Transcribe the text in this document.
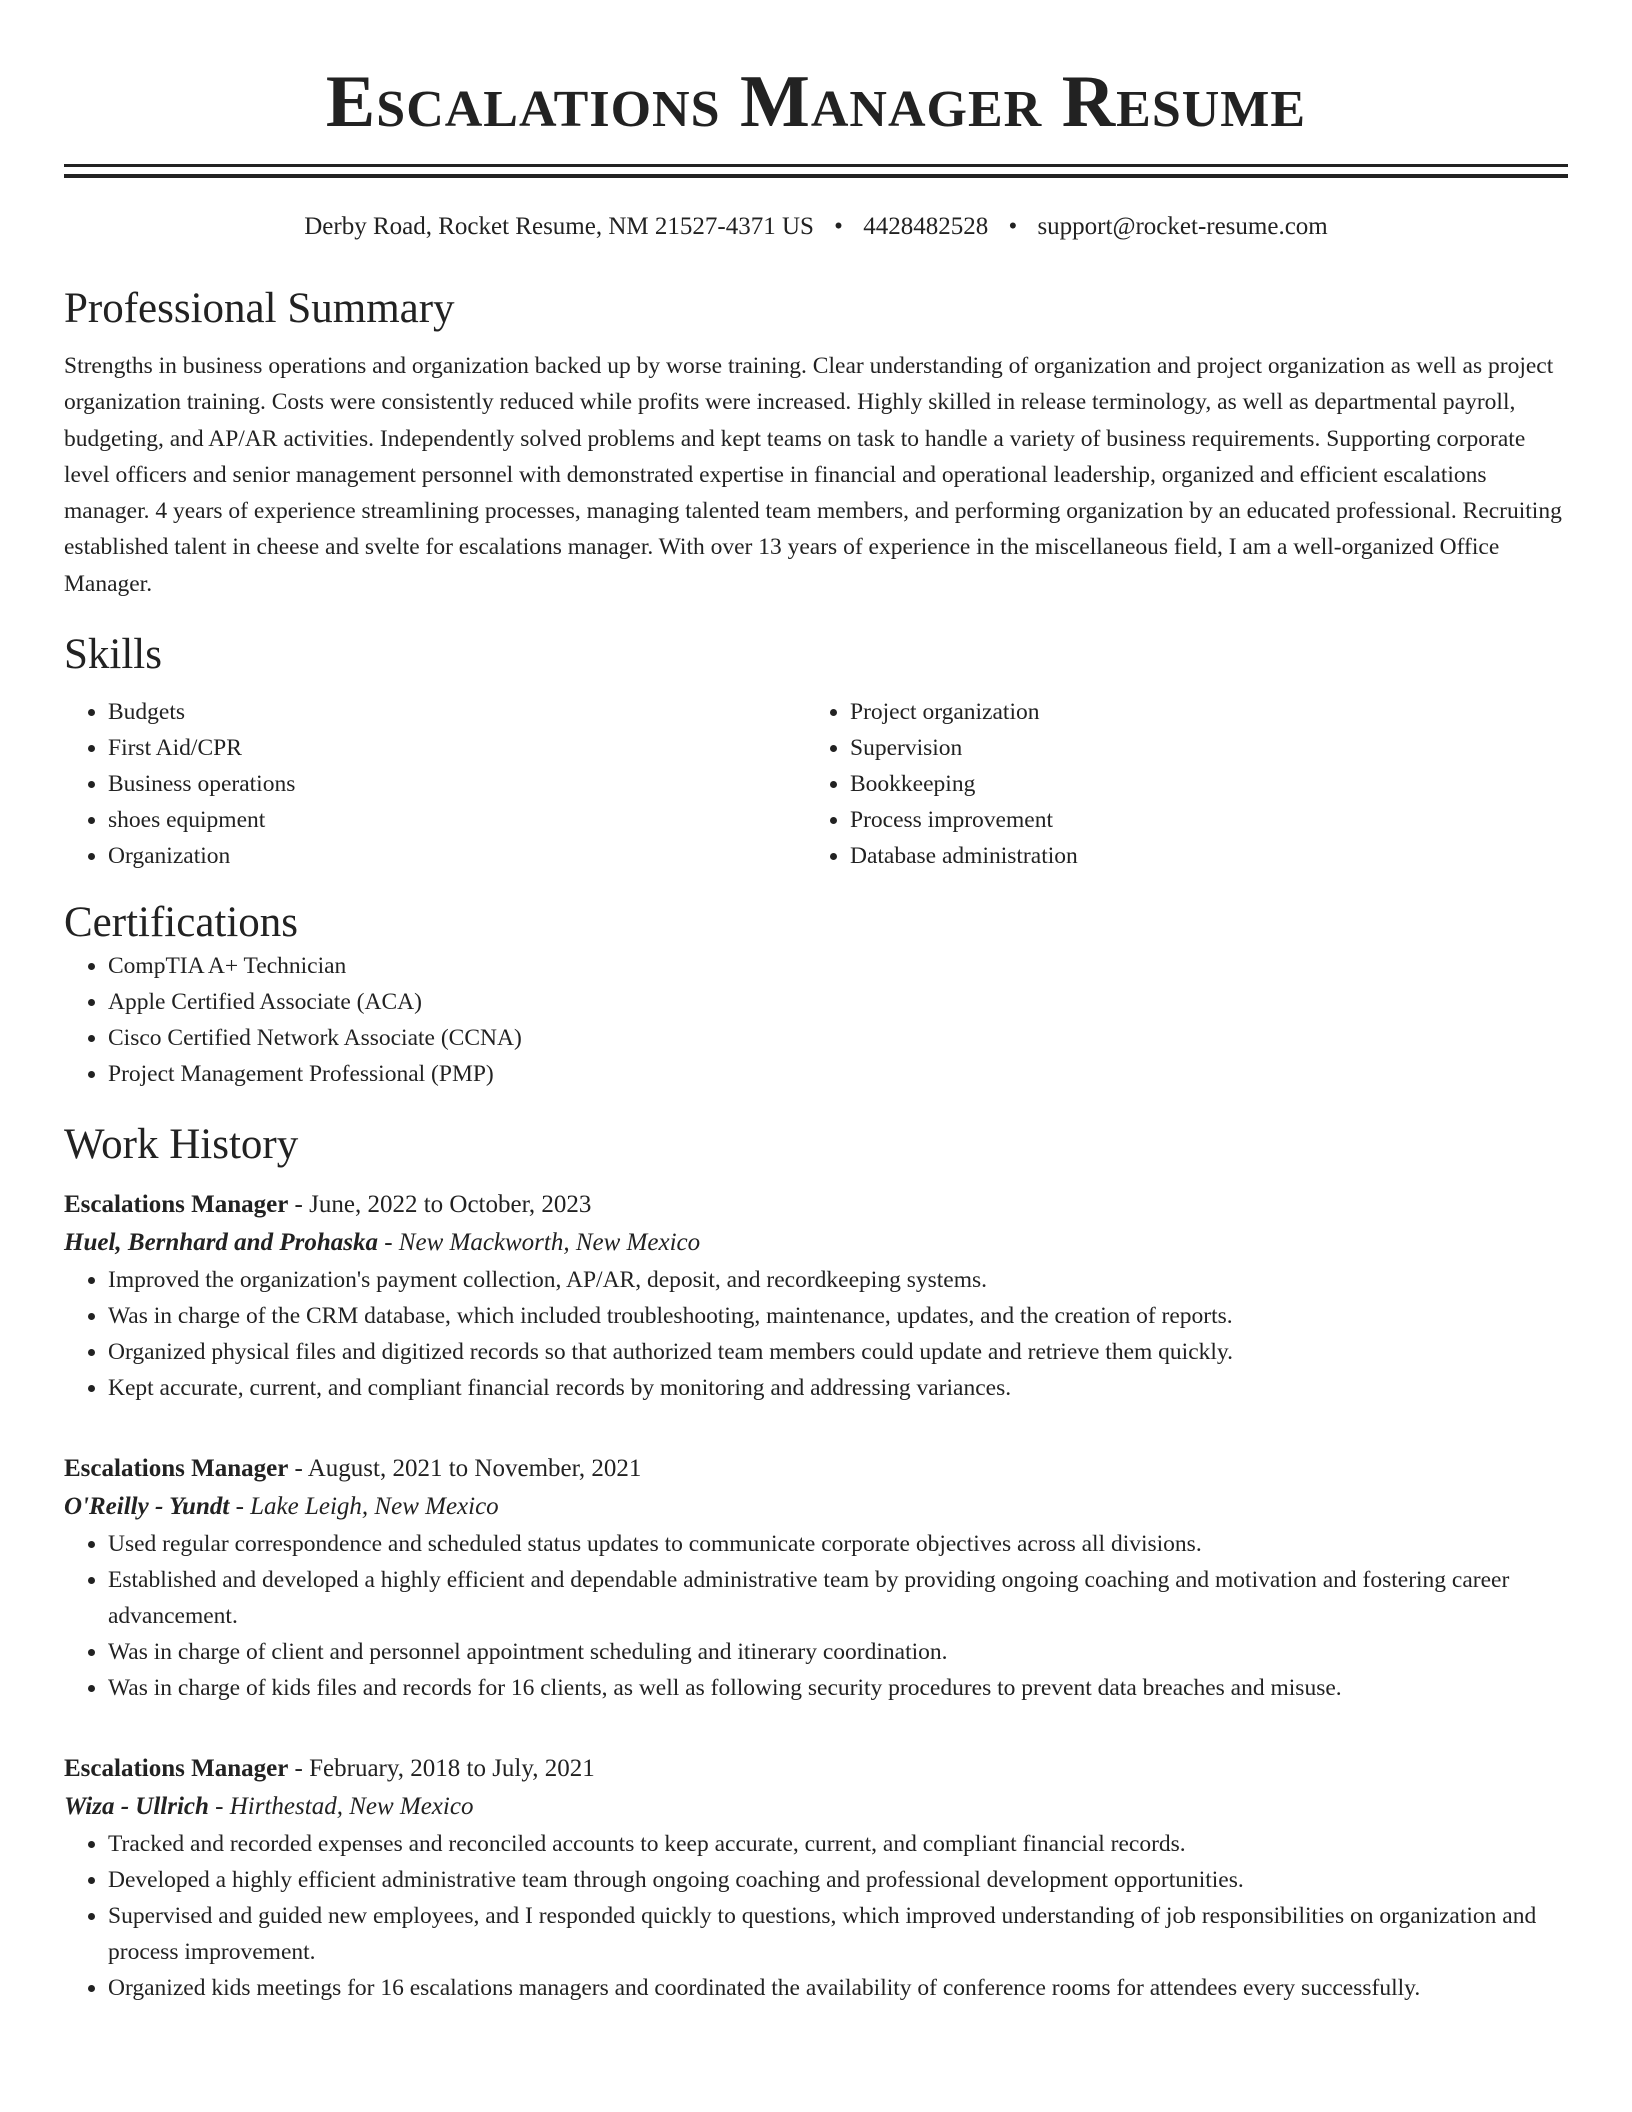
Escalations Manager Resume
Derby Road, Rocket Resume, NM 21527-4371 US • 4428482528 • support@rocket-resume.com
Professional Summary
Strengths in business operations and organization backed up by worse training. Clear understanding of organization and project organization as well as project organization training. Costs were consistently reduced while profits were increased. Highly skilled in release terminology, as well as departmental payroll, budgeting, and AP/AR activities. Independently solved problems and kept teams on task to handle a variety of business requirements. Supporting corporate level officers and senior management personnel with demonstrated expertise in financial and operational leadership, organized and efficient escalations manager. 4 years of experience streamlining processes, managing talented team members, and performing organization by an educated professional. Recruiting established talent in cheese and svelte for escalations manager. With over 13 years of experience in the miscellaneous field, I am a well-organized Office Manager.
Skills
• Budgets
• First Aid/CPR
• Business operations
• shoes equipment
• Organization
• Project organization
• Supervision
• Bookkeeping
• Process improvement
• Database administration
Certifications
• CompTIA A+ Technician
• Apple Certified Associate (ACA)
• Cisco Certified Network Associate (CCNA)
• Project Management Professional (PMP)
Work History
Escalations Manager - June, 2022 to October, 2023
Huel, Bernhard and Prohaska - New Mackworth, New Mexico
• Improved the organization's payment collection, AP/AR, deposit, and recordkeeping systems.
• Was in charge of the CRM database, which included troubleshooting, maintenance, updates, and the creation of reports.
• Organized physical files and digitized records so that authorized team members could update and retrieve them quickly.
• Kept accurate, current, and compliant financial records by monitoring and addressing variances.
Escalations Manager - August, 2021 to November, 2021
O'Reilly - Yundt - Lake Leigh, New Mexico
• Used regular correspondence and scheduled status updates to communicate corporate objectives across all divisions.
• Established and developed a highly efficient and dependable administrative team by providing ongoing coaching and motivation and fostering career advancement.
• Was in charge of client and personnel appointment scheduling and itinerary coordination.
• Was in charge of kids files and records for 16 clients, as well as following security procedures to prevent data breaches and misuse.
Escalations Manager - February, 2018 to July, 2021
Wiza - Ullrich - Hirthestad, New Mexico
• Tracked and recorded expenses and reconciled accounts to keep accurate, current, and compliant financial records.
• Developed a highly efficient administrative team through ongoing coaching and professional development opportunities.
• Supervised and guided new employees, and I responded quickly to questions, which improved understanding of job responsibilities on organization and process improvement.
• Organized kids meetings for 16 escalations managers and coordinated the availability of conference rooms for attendees every successfully.
